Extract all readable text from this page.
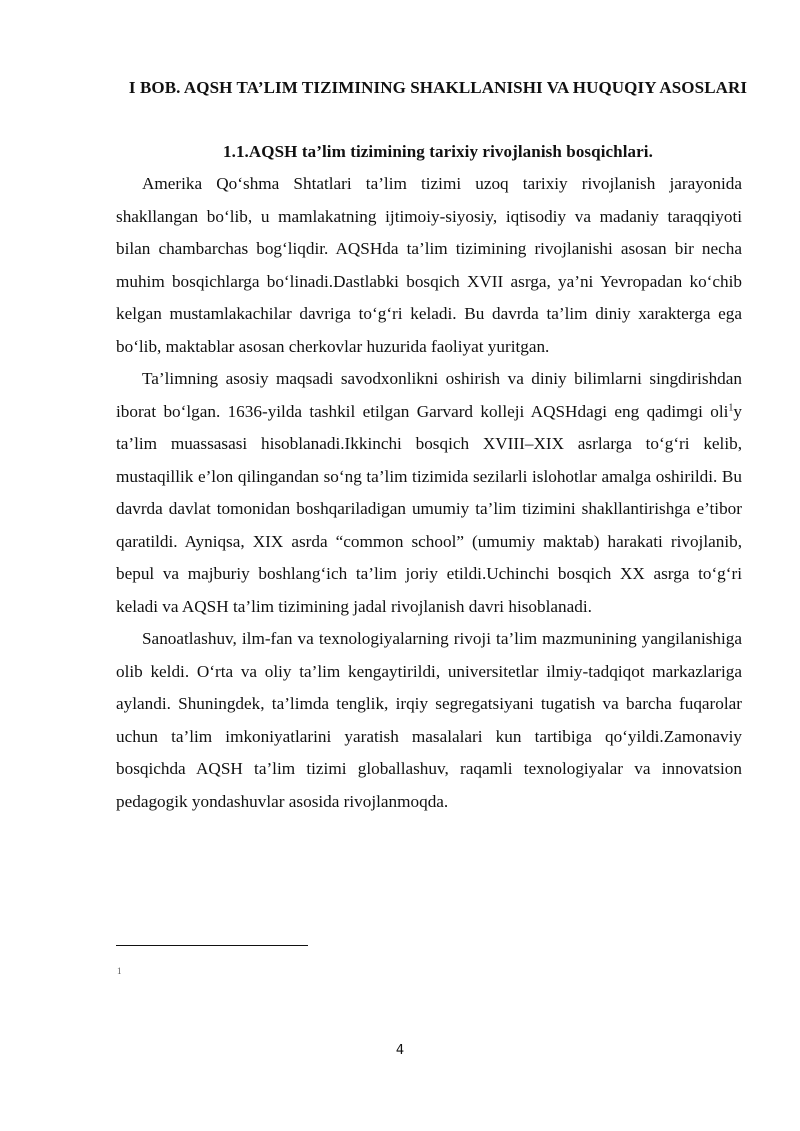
I BOB. AQSH TA’LIM TIZIMINING SHAKLLANISHI VA HUQUQIY ASOSLARI
1.1.AQSH ta’lim tizimining tarixiy rivojlanish bosqichlari.

Amerika Qo‘shma Shtatlari ta’lim tizimi uzoq tarixiy rivojlanish jarayonida shakllangan bo‘lib, u mamlakatning ijtimoiy-siyosiy, iqtisodiy va madaniy taraqqiyoti bilan chambarchas bog‘liqdir. AQSHda ta’lim tizimining rivojlanishi asosan bir necha muhim bosqichlarga bo‘linadi.Dastlabki bosqich XVII asrga, ya’ni Yevropadan ko‘chib kelgan mustamlakachilar davriga to‘g‘ri keladi. Bu davrda ta’lim diniy xarakterga ega bo‘lib, maktablar asosan cherkovlar huzurida faoliyat yuritgan.

Ta’limning asosiy maqsadi savodxonlikni oshirish va diniy bilimlarni singdirishdan iborat bo‘lgan. 1636-yilda tashkil etilgan Garvard kolleji AQSHdagi eng qadimgi oli$^1$y ta’lim muassasasi hisoblanadi.Ikkinchi bosqich XVIII–XIX asrlarga to‘g‘ri kelib, mustaqillik e’lon qilingandan so‘ng ta’lim tizimida sezilarli islohotlar amalga oshirildi. Bu davrda davlat tomonidan boshqariladigan umumiy ta’lim tizimini shakllantirishga e’tibor qaratildi. Ayniqsa, XIX asrda “common school” (umumiy maktab) harakati rivojlanib, bepul va majburiy boshlang‘ich ta’lim joriy etildi.Uchinchi bosqich XX asrga to‘g‘ri keladi va AQSH ta’lim tizimining jadal rivojlanish davri hisoblanadi.

Sanoatlashuv, ilm-fan va texnologiyalarning rivoji ta’lim mazmunining yangilanishiga olib keldi. O‘rta va oliy ta’lim kengaytirildi, universitetlar ilmiy-tadqiqot markazlariga aylandi. Shuningdek, ta’limda tenglik, irqiy segregatsiyani tugatish va barcha fuqarolar uchun ta’lim imkoniyatlarini yaratish masalalari kun tartibiga qo‘yildi.Zamonaviy bosqichda AQSH ta’lim tizimi globallashuv, raqamli texnologiyalar va innovatsion pedagogik yondashuvlar asosida rivojlanmoqda.

1
4
